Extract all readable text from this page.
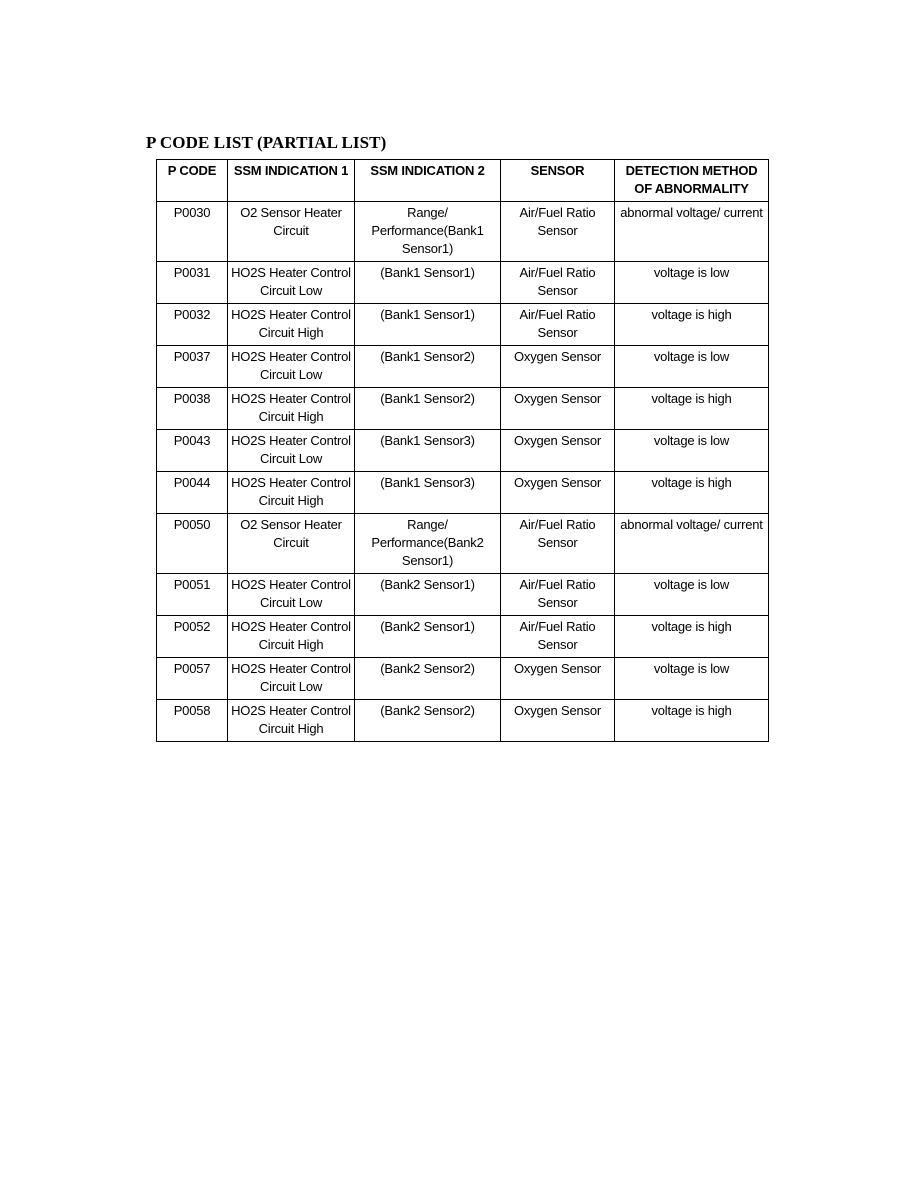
P CODE LIST (PARTIAL LIST)
P CODE	SSM INDICATION 1	SSM INDICATION 2	SENSOR	DETECTION METHOD OF ABNORMALITY
P0030	O2 Sensor Heater Circuit	Range/ Performance(Bank1 Sensor1)	Air/Fuel Ratio Sensor	abnormal voltage/ current
P0031	HO2S Heater Control Circuit Low	(Bank1 Sensor1)	Air/Fuel Ratio Sensor	voltage is low
P0032	HO2S Heater Control Circuit High	(Bank1 Sensor1)	Air/Fuel Ratio Sensor	voltage is high
P0037	HO2S Heater Control Circuit Low	(Bank1 Sensor2)	Oxygen Sensor	voltage is low
P0038	HO2S Heater Control Circuit High	(Bank1 Sensor2)	Oxygen Sensor	voltage is high
P0043	HO2S Heater Control Circuit Low	(Bank1 Sensor3)	Oxygen Sensor	voltage is low
P0044	HO2S Heater Control Circuit High	(Bank1 Sensor3)	Oxygen Sensor	voltage is high
P0050	O2 Sensor Heater Circuit	Range/ Performance(Bank2 Sensor1)	Air/Fuel Ratio Sensor	abnormal voltage/ current
P0051	HO2S Heater Control Circuit Low	(Bank2 Sensor1)	Air/Fuel Ratio Sensor	voltage is low
P0052	HO2S Heater Control Circuit High	(Bank2 Sensor1)	Air/Fuel Ratio Sensor	voltage is high
P0057	HO2S Heater Control Circuit Low	(Bank2 Sensor2)	Oxygen Sensor	voltage is low
P0058	HO2S Heater Control Circuit High	(Bank2 Sensor2)	Oxygen Sensor	voltage is high
